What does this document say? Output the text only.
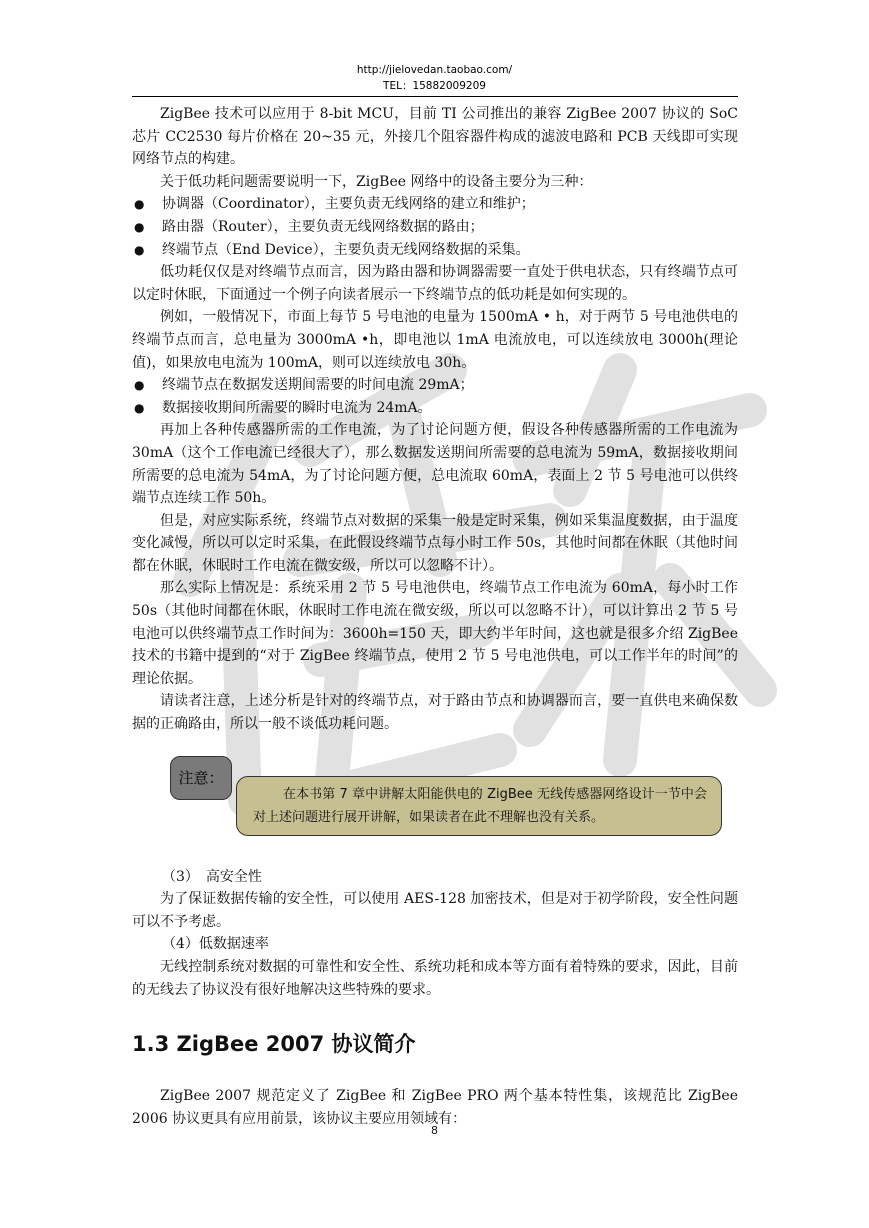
http://jielovedan.taobao.com/
TEL：15882009209

ZigBee 技术可以应用于 8-bit MCU，目前 TI 公司推出的兼容 ZigBee 2007 协议的 SoC 芯片 CC2530 每片价格在 20~35 元，外接几个阻容器件构成的滤波电路和 PCB 天线即可实现网络节点的构建。

关于低功耗问题需要说明一下，ZigBee 网络中的设备主要分为三种：

●	协调器（Coordinator），主要负责无线网络的建立和维护；
●	路由器（Router），主要负责无线网络数据的路由；
●	终端节点（End Device），主要负责无线网络数据的采集。

低功耗仅仅是对终端节点而言，因为路由器和协调器需要一直处于供电状态，只有终端节点可以定时休眠，下面通过一个例子向读者展示一下终端节点的低功耗是如何实现的。

例如，一般情况下，市面上每节 5 号电池的电量为 1500mA • h，对于两节 5 号电池供电的终端节点而言，总电量为 3000mA •h，即电池以 1mA 电流放电，可以连续放电 3000h(理论值)，如果放电电流为 100mA，则可以连续放电 30h。

●	终端节点在数据发送期间需要的时间电流 29mA；
●	数据接收期间所需要的瞬时电流为 24mA。

再加上各种传感器所需的工作电流，为了讨论问题方便，假设各种传感器所需的工作电流为 30mA（这个工作电流已经很大了），那么数据发送期间所需要的总电流为 59mA，数据接收期间所需要的总电流为 54mA，为了讨论问题方便，总电流取 60mA，表面上 2 节 5 号电池可以供终端节点连续工作 50h。

但是，对应实际系统，终端节点对数据的采集一般是定时采集，例如采集温度数据，由于温度变化减慢，所以可以定时采集，在此假设终端节点每小时工作 50s，其他时间都在休眠（其他时间都在休眠，休眠时工作电流在微安级，所以可以忽略不计）。

那么实际上情况是：系统采用 2 节 5 号电池供电，终端节点工作电流为 60mA，每小时工作 50s（其他时间都在休眠，休眠时工作电流在微安级，所以可以忽略不计），可以计算出 2 节 5 号电池可以供终端节点工作时间为：3600h=150 天，即大约半年时间，这也就是很多介绍 ZigBee 技术的书籍中提到的“对于 ZigBee 终端节点，使用 2 节 5 号电池供电，可以工作半年的时间”的理论依据。

请读者注意，上述分析是针对的终端节点，对于路由节点和协调器而言，要一直供电来确保数据的正确路由，所以一般不谈低功耗问题。

在本书第 7 章中讲解太阳能供电的 ZigBee 无线传感器网络设计一节中会对上述问题进行展开讲解，如果读者在此不理解也没有关系。

注意：

（3）　高安全性

为了保证数据传输的安全性，可以使用 AES-128 加密技术，但是对于初学阶段，安全性问题可以不予考虑。

（4）低数据速率

无线控制系统对数据的可靠性和安全性、系统功耗和成本等方面有着特殊的要求，因此，目前的无线去了协议没有很好地解决这些特殊的要求。

1.3 ZigBee 2007 协议简介

ZigBee 2007 规范定义了 ZigBee 和 ZigBee PRO 两个基本特性集，该规范比 ZigBee 2006 协议更具有应用前景，该协议主要应用领域有：

8
